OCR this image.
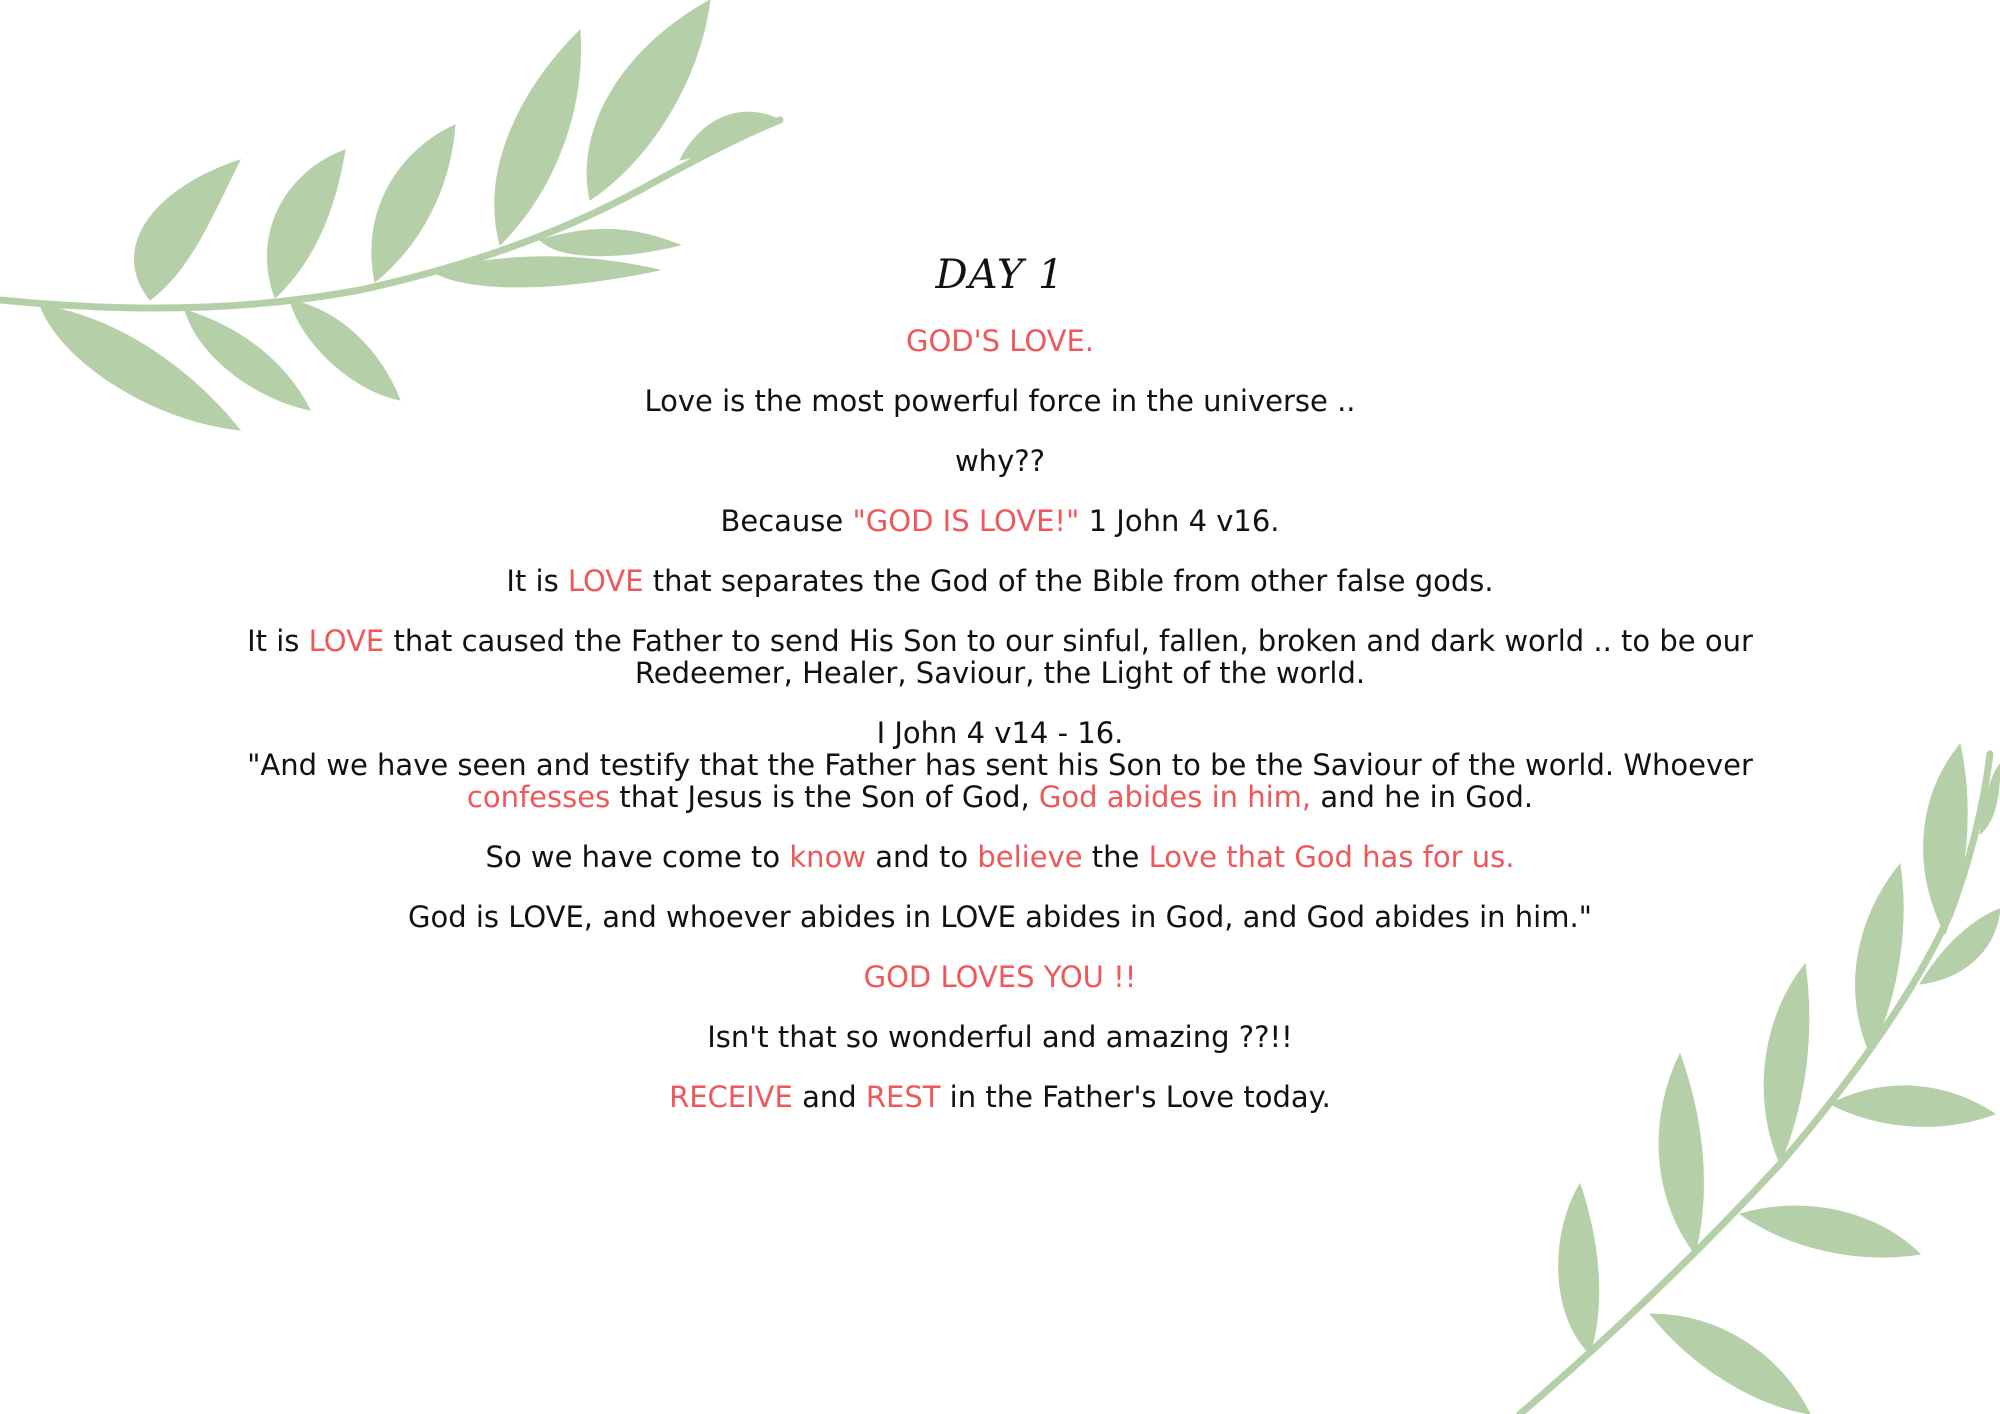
DAY 1

GOD'S LOVE.

Love is the most powerful force in the universe ..

why??

Because "GOD IS LOVE!" 1 John 4 v16.

It is LOVE that separates the God of the Bible from other false gods.

It is LOVE that caused the Father to send His Son to our sinful, fallen, broken and dark world .. to be our

Redeemer, Healer, Saviour, the Light of the world.

I John 4 v14 - 16.

"And we have seen and testify that the Father has sent his Son to be the Saviour of the world. Whoever

confesses that Jesus is the Son of God, God abides in him, and he in God.

So we have come to know and to believe the Love that God has for us.

God is LOVE, and whoever abides in LOVE abides in God, and God abides in him."

GOD LOVES YOU !!

Isn't that so wonderful and amazing ??!!

RECEIVE and REST in the Father's Love today.
